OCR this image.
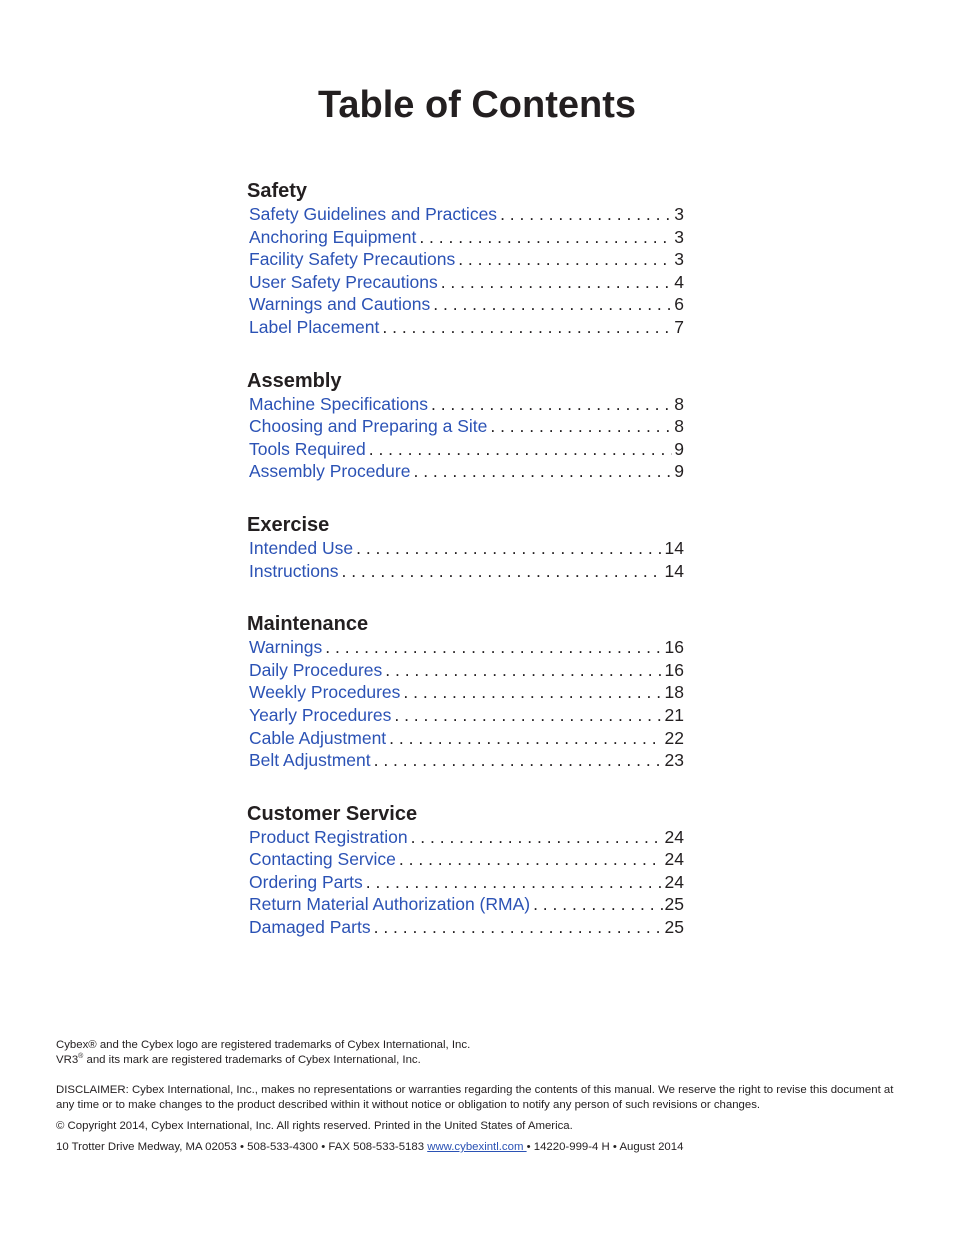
Table of Contents
Safety
Safety Guidelines and Practices . . .	3
Anchoring Equipment . . .	3
Facility Safety Precautions . . .	3
User Safety Precautions . . .	4
Warnings and Cautions . . .	6
Label Placement . . .	7
Assembly
Machine Specifications . . .	8
Choosing and Preparing a Site . . .	8
Tools Required . . .	9
Assembly Procedure . . .	9
Exercise
Intended Use . . .	14
Instructions . . .	14
Maintenance
Warnings . . .	16
Daily Procedures . . .	16
Weekly Procedures . . .	18
Yearly Procedures . . .	21
Cable Adjustment . . .	22
Belt Adjustment . . .	23
Customer Service
Product Registration . . .	24
Contacting Service . . .	24
Ordering Parts . . .	24
Return Material Authorization (RMA) . . .	25
Damaged Parts . . .	25

Cybex® and the Cybex logo are registered trademarks of Cybex International, Inc.

VR3® and its mark are registered trademarks of Cybex International, Inc.

DISCLAIMER: Cybex International, Inc., makes no representations or warranties regarding the contents of this manual. We reserve the right to revise this document at any time or to make changes to the product described within it without notice or obligation to notify any person of such revisions or changes.

© Copyright 2014, Cybex International, Inc. All rights reserved. Printed in the United States of America.

10 Trotter Drive Medway, MA 02053 • 508-533-4300 • FAX 508-533-5183 www.cybexintl.com • 14220-999-4 H • August 2014
